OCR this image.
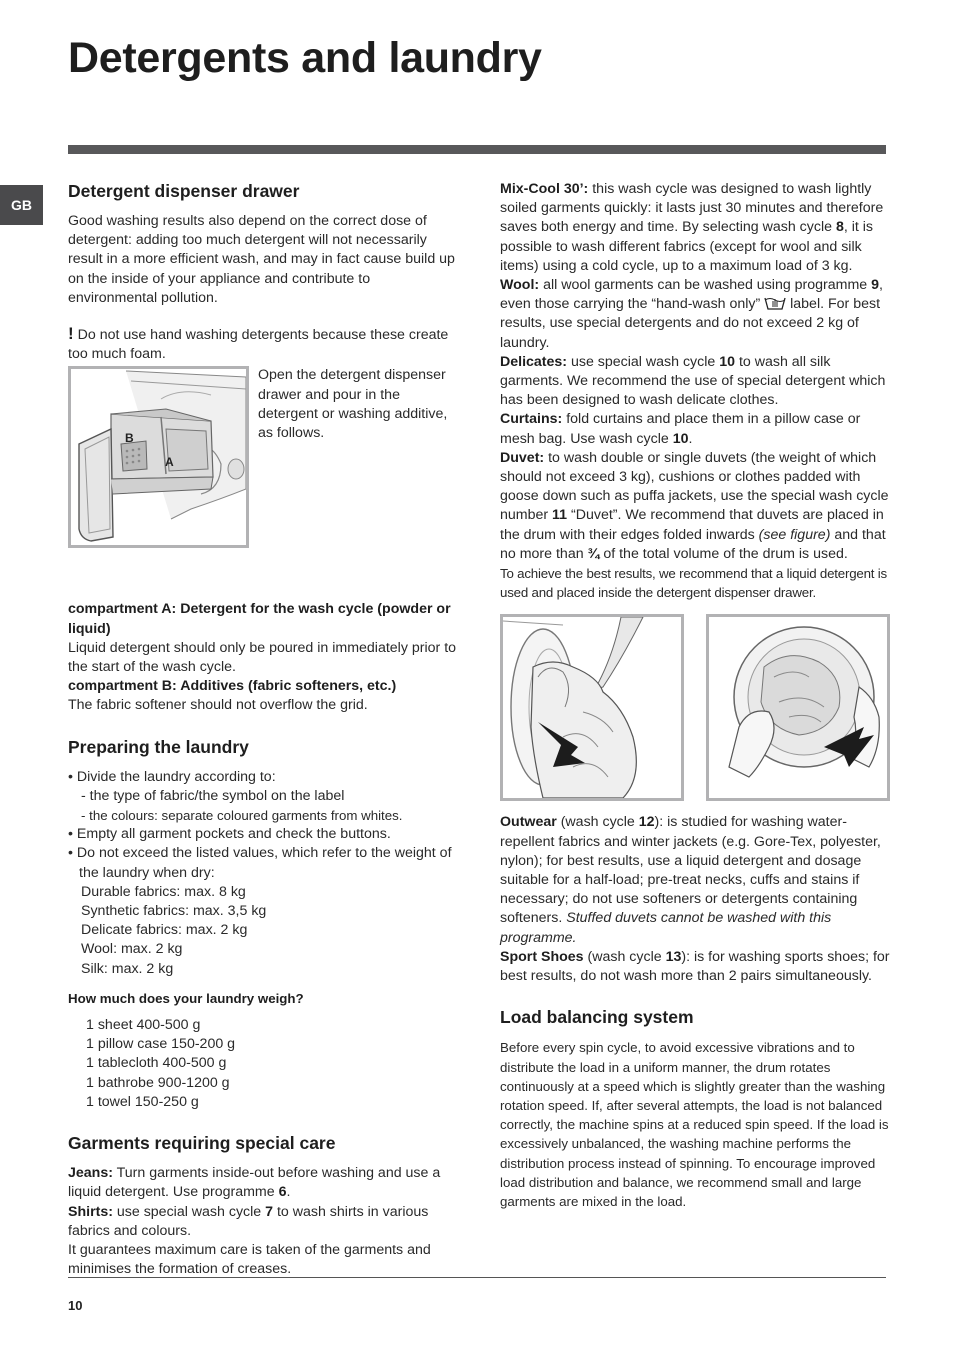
Detergents and laundry
GB
Detergent dispenser drawer

Good washing results also depend on the correct dose of detergent: adding too much detergent will not necessarily result in a more efficient wash, and may in fact cause build up on the inside of your appliance and contribute to environmental pollution.

! Do not use hand washing detergents because these create too much foam.

B
A

Open the detergent dispenser drawer and pour in the detergent or washing additive, as follows.

compartment A: Detergent for the wash cycle (powder or liquid)

Liquid detergent should only be poured in immediately prior to the start of the wash cycle.

compartment B: Additives (fabric softeners, etc.)

The fabric softener should not overflow the grid.

Preparing the laundry

• Divide the laundry according to:

- the type of fabric/the symbol on the label

- the colours: separate coloured garments from whites.

• Empty all garment pockets and check the buttons.

• Do not exceed the listed values, which refer to the weight of the laundry when dry:

Durable fabrics: max. 8 kg

Synthetic fabrics: max. 3,5 kg

Delicate fabrics: max. 2 kg

Wool: max. 2 kg

Silk: max. 2 kg

How much does your laundry weigh?

1 sheet 400-500 g

1 pillow case 150-200 g

1 tablecloth 400-500 g

1 bathrobe 900-1200 g

1 towel 150-250 g

Garments requiring special care

Jeans: Turn garments inside-out before washing and use a liquid detergent. Use programme 6.

Shirts: use special wash cycle 7 to wash shirts in various fabrics and colours.

It guarantees maximum care is taken of the garments and minimises the formation of creases.

Mix-Cool 30’: this wash cycle was designed to wash lightly soiled garments quickly: it lasts just 30 minutes and therefore saves both energy and time. By selecting wash cycle 8, it is possible to wash different fabrics (except for wool and silk items) using a cold cycle, up to a maximum load of 3 kg.

Wool: all wool garments can be washed using programme 9, even those carrying the “hand-wash only”
label. For best results, use special detergents and do not exceed 2 kg of laundry.

Delicates: use special wash cycle 10 to wash all silk garments. We recommend the use of special detergent which has been designed to wash delicate clothes.

Curtains: fold curtains and place them in a pillow case or mesh bag. Use wash cycle 10.

Duvet: to wash double or single duvets (the weight of which should not exceed 3 kg), cushions or clothes padded with goose down such as puffa jackets, use the special wash cycle number 11 “Duvet”. We recommend that duvets are placed in the drum with their edges folded inwards (see figure) and that no more than ¾ of the total volume of the drum is used.

To achieve the best results, we recommend that a liquid detergent is used and placed inside the detergent dispenser drawer.

Outwear (wash cycle 12): is studied for washing water-repellent fabrics and winter jackets (e.g. Gore-Tex, polyester, nylon); for best results, use a liquid detergent and dosage suitable for a half-load; pre-treat necks, cuffs and stains if necessary; do not use softeners or detergents containing softeners. Stuffed duvets cannot be washed with this programme.

Sport Shoes (wash cycle 13): is for washing sports shoes; for best results, do not wash more than 2 pairs simultaneously.

Load balancing system

Before every spin cycle, to avoid excessive vibrations and to distribute the load in a uniform manner, the drum rotates continuously at a speed which is slightly greater than the washing rotation speed. If, after several attempts, the load is not balanced correctly, the machine spins at a reduced spin speed. If the load is excessively unbalanced, the washing machine performs the distribution process instead of spinning. To encourage improved load distribution and balance, we recommend small and large garments are mixed in the load.

10
